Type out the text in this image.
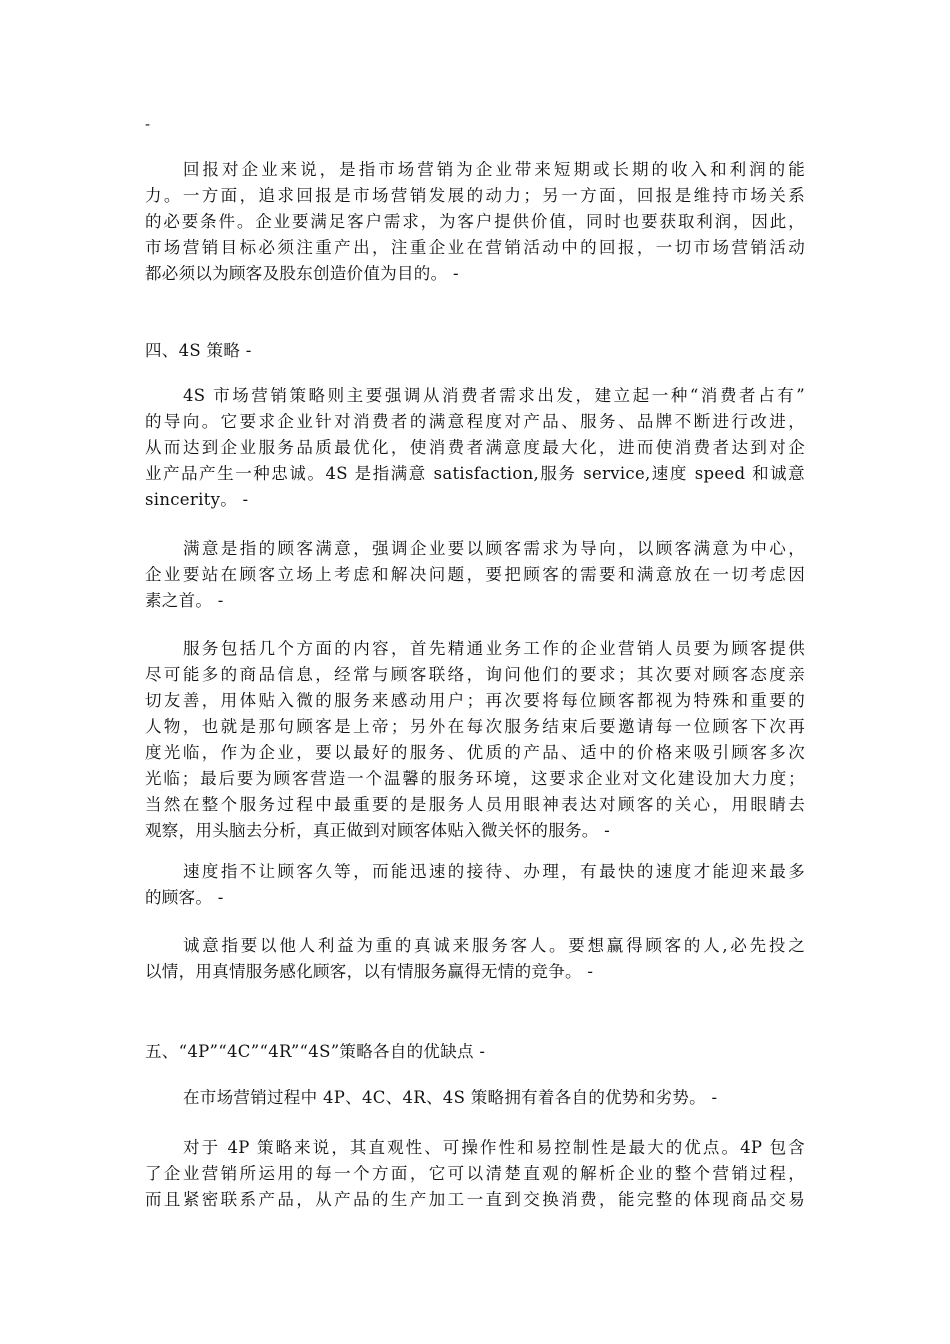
-
回报对企业来说，是指市场营销为企业带来短期或长期的收入和利润的能
力。一方面，追求回报是市场营销发展的动力；另一方面，回报是维持市场关系
的必要条件。企业要满足客户需求，为客户提供价值，同时也要获取利润，因此，
市场营销目标必须注重产出，注重企业在营销活动中的回报，一切市场营销活动
都必须以为顾客及股东创造价值为目的。 -
四、4S 策略 -
4S 市场营销策略则主要强调从消费者需求出发，建立起一种“消费者占有”
的导向。它要求企业针对消费者的满意程度对产品、服务、品牌不断进行改进，
从而达到企业服务品质最优化，使消费者满意度最大化，进而使消费者达到对企
业产品产生一种忠诚。4S 是指满意 satisfaction,服务 service,速度 speed 和诚意
sincerity。 -
满意是指的顾客满意，强调企业要以顾客需求为导向，以顾客满意为中心，
企业要站在顾客立场上考虑和解决问题，要把顾客的需要和满意放在一切考虑因
素之首。 -
服务包括几个方面的内容，首先精通业务工作的企业营销人员要为顾客提供
尽可能多的商品信息，经常与顾客联络，询问他们的要求；其次要对顾客态度亲
切友善，用体贴入微的服务来感动用户；再次要将每位顾客都视为特殊和重要的
人物，也就是那句顾客是上帝；另外在每次服务结束后要邀请每一位顾客下次再
度光临，作为企业，要以最好的服务、优质的产品、适中的价格来吸引顾客多次
光临；最后要为顾客营造一个温馨的服务环境，这要求企业对文化建设加大力度；
当然在整个服务过程中最重要的是服务人员用眼神表达对顾客的关心，用眼睛去
观察，用头脑去分析，真正做到对顾客体贴入微关怀的服务。 -
速度指不让顾客久等，而能迅速的接待、办理，有最快的速度才能迎来最多
的顾客。 -
诚意指要以他人利益为重的真诚来服务客人。要想赢得顾客的人,必先投之
以情，用真情服务感化顾客，以有情服务赢得无情的竞争。 -
五、“4P”“4C”“4R”“4S”策略各自的优缺点 -
在市场营销过程中 4P、4C、4R、4S 策略拥有着各自的优势和劣势。 -
对于 4P 策略来说，其直观性、可操作性和易控制性是最大的优点。4P 包含
了企业营销所运用的每一个方面，它可以清楚直观的解析企业的整个营销过程，
而且紧密联系产品，从产品的生产加工一直到交换消费，能完整的体现商品交易
